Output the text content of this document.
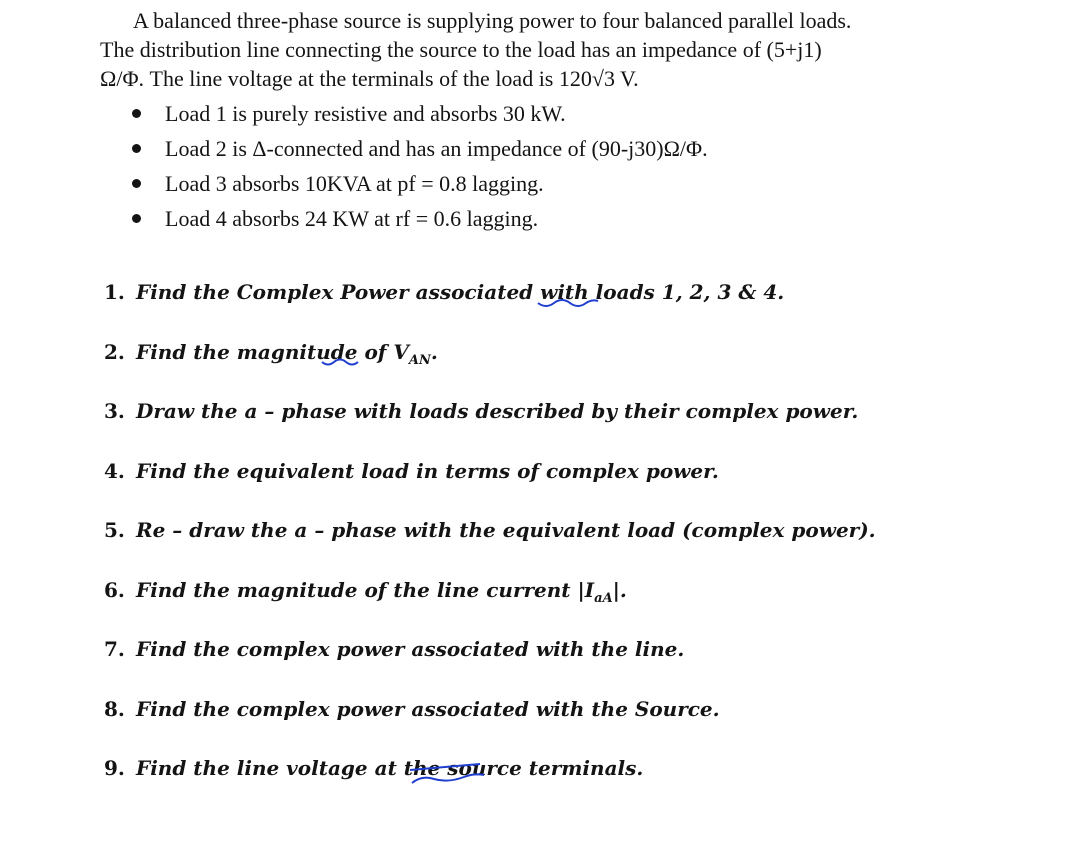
A balanced three-phase source is supplying power to four balanced parallel loads.
The distribution line connecting the source to the load has an impedance of (5+j1)
Ω/Φ. The line voltage at the terminals of the load is 120√3 V.
Load 1 is purely resistive and absorbs 30 kW.
Load 2 is Δ-connected and has an impedance of (90-j30)Ω/Φ.
Load 3 absorbs 10KVA at pf = 0.8 lagging.
Load 4 absorbs 24 KW at rf = 0.6 lagging.
1. Find the Complex Power associated with loads 1, 2, 3 & 4.
2. Find the magnitude of $V_{AN}$.
3. Draw the a – phase with loads described by their complex power.
4. Find the equivalent load in terms of complex power.
5. Re – draw the a – phase with the equivalent load (complex power).
6. Find the magnitude of the line current $|I_{aA}|$.
7. Find the complex power associated with the line.
8. Find the complex power associated with the Source.
9. Find the line voltage at the source terminals.
